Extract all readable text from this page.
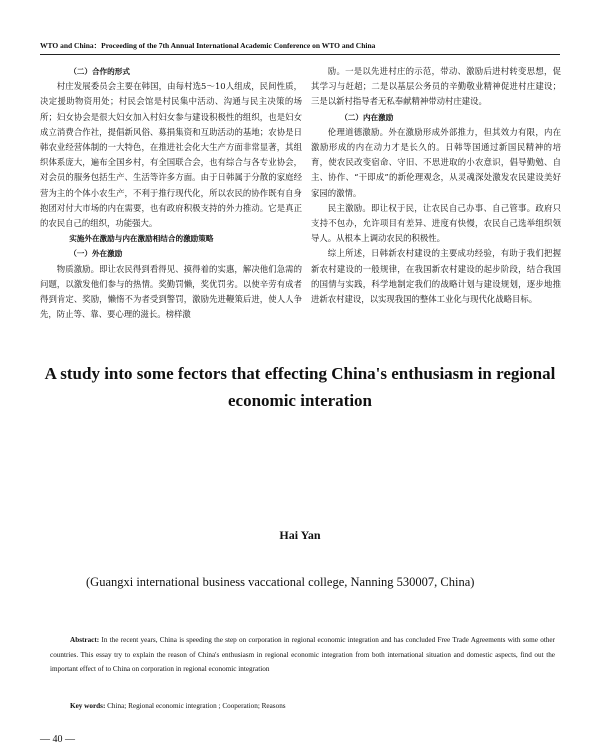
WTO and China：Proceeding of the 7th Annual International Academic Conference on WTO and China

（二）合作的形式

村庄发展委员会主要在韩国，由每村选5～10人组成，民间性质，决定援助物资用处；村民会馆是村民集中活动、沟通与民主决策的场所；妇女协会是很大妇女加入村妇女参与建设积极性的组织，也是妇女成立消费合作社，提倡新风俗、募捐集资和互助活动的基地；农协是日韩农业经营体制的一大特色，在推进社会化大生产方面非常显著，其组织体系庞大，遍布全国乡村，有全国联合会，也有综合与各专业协会，对会员的服务包括生产、生活等许多方面。由于日韩属于分散的家庭经营为主的个体小农生产，不利于推行现代化，所以农民的协作既有自身抱团对付大市场的内在需要，也有政府积极支持的外力推动。它是真正的农民自己的组织，功能强大。

实施外在激励与内在激励相结合的激励策略

（一）外在激励

物质激励。即让农民得到看得见、摸得着的实惠，解决他们急需的问题，以激发他们参与的热情。奖勤罚懒，奖优罚劣。以使辛劳有成者得到肯定、奖励，懒惰不为者受到警罚，激励先进鞭策后进，使人人争先，防止等、靠、要心理的滋长。榜样激

励。一是以先进村庄的示范，带动、激励后进村转变思想，促其学习与赶超；二是以基层公务员的辛勤敬业精神促进村庄建设；三是以新村指导者无私奉献精神带动村庄建设。

（二）内在激励

伦理道德激励。外在激励形成外部推力，但其效力有限，内在激励形成的内在动力才是长久的。日韩等国通过新国民精神的培育，使农民改变宿命、守旧、不思进取的小农意识，倡导勤勉、自主、协作、“干即成”的新伦理观念，从灵魂深处激发农民建设美好家园的激情。

民主激励。即让权于民，让农民自己办事、自己管事。政府只支持不包办，允许项目有差异、进度有快慢，农民自己选举组织领导人。从根本上调动农民的积极性。

综上所述，日韩新农村建设的主要成功经验，有助于我们把握新农村建设的一般规律，在我国新农村建设的起步阶段，结合我国的国情与实践，科学地制定我们的战略计划与建设规划，逐步地推进新农村建设，以实现我国的整体工业化与现代化战略目标。

A study into some fectors that effecting China's enthusiasm in regional economic interation
Hai Yan
(Guangxi international business vaccational college, Nanning 530007, China)
Abstract: In the recent years, China is speeding the step on corporation in regional economic integration and has concluded Free Trade Agreements with some other countries. This essay try to explain the reason of China's enthusiasm in regional economic integration from both international situation and domestic aspects, find out the important effect of to China on corporation in regional economic integration
Key words: China; Regional economic integration ; Cooperation; Reasons
— 40 —
